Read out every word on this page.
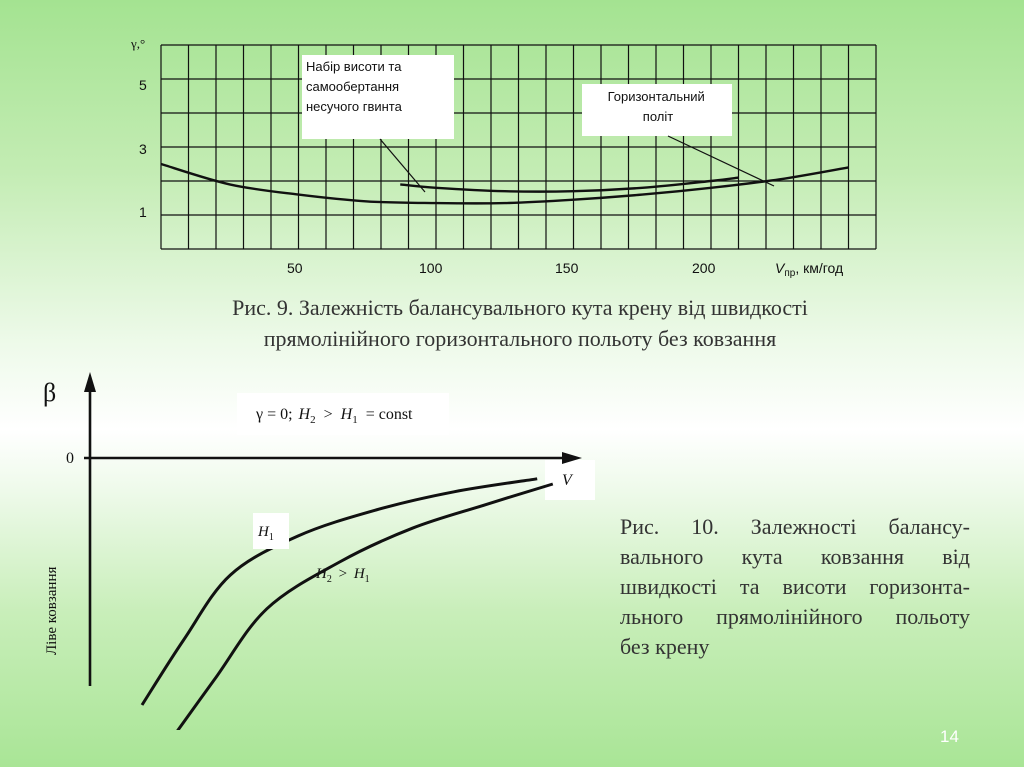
γ,°
5
3
1
50	100	150	200	$V_{пр}$, км/год
Набір висоти та самообертання несучого гвинта
Горизонтальний політ
Рис. 9. Залежність балансувального кута крену від швидкості
прямолінійного горизонтального польоту без ковзання
γ = 0; $H_2 > H_1$ = const
V
β
0
Ліве ковзання
$H_1$
$H_2 > H_1$
Рис. 10. Залежності балансу-
вального кута ковзання від
швидкості та висоти горизонта-
льного прямолінійного польоту
без крену
14
